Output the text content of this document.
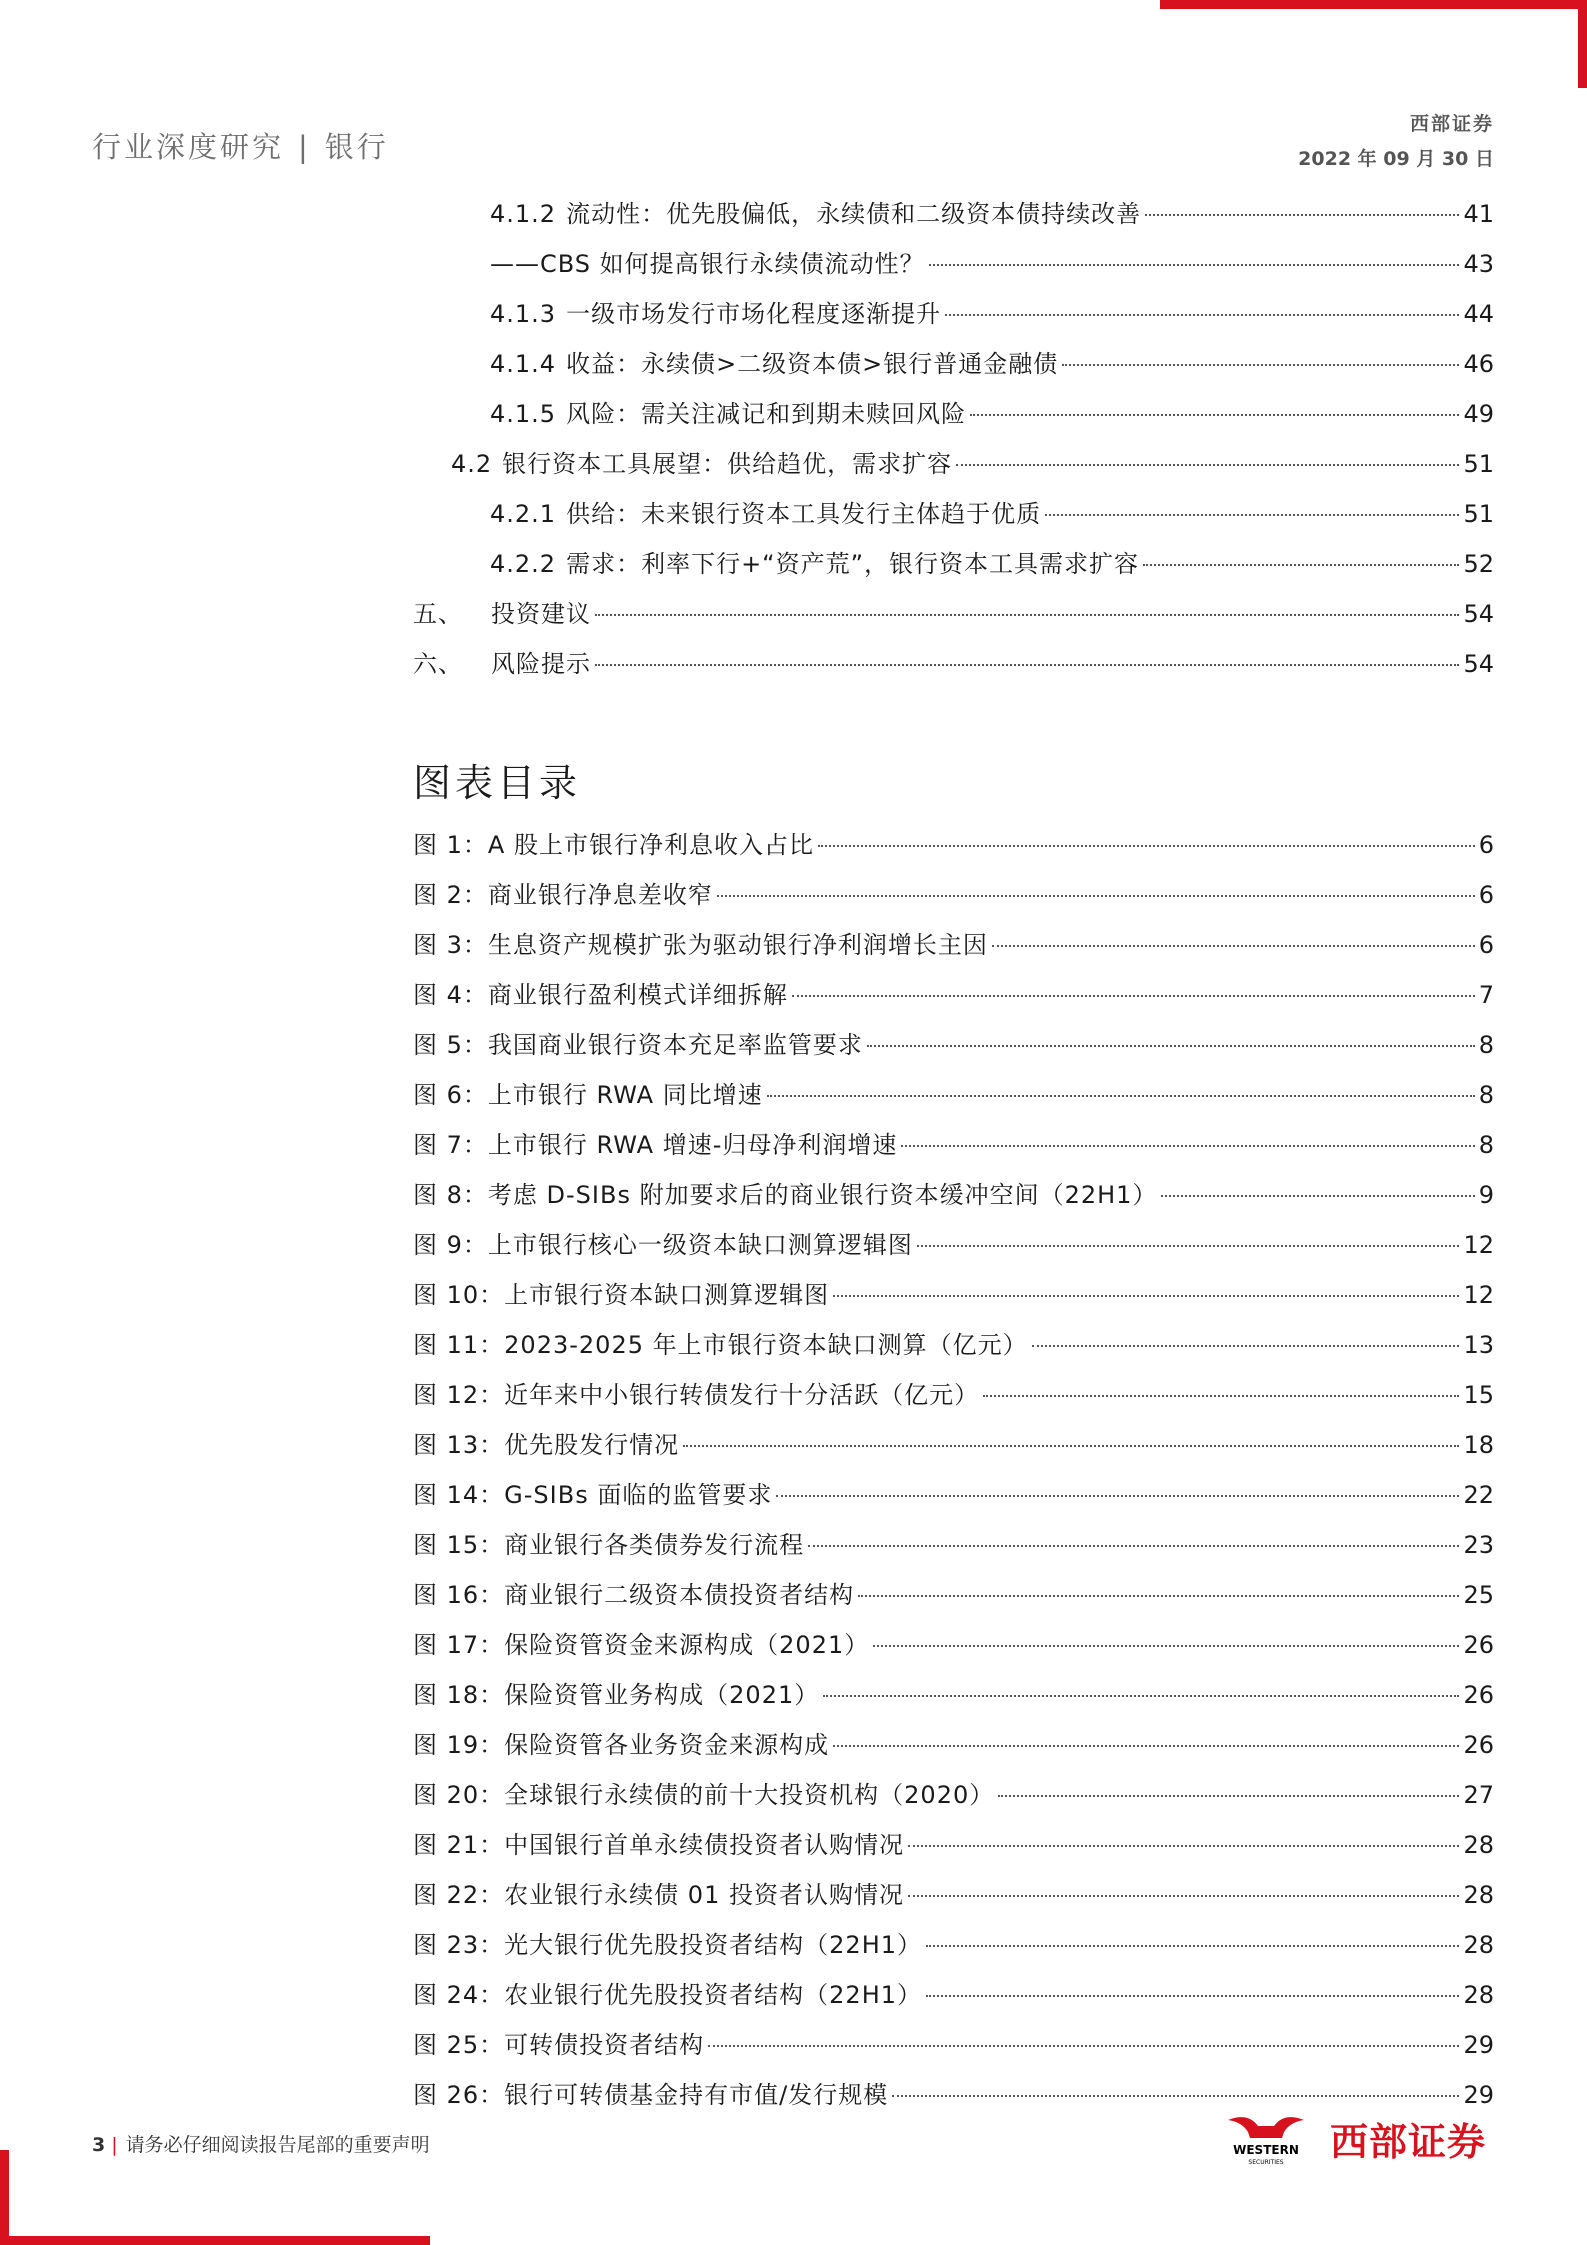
行业深度研究 | 银行
西部证券
2022 年 09 月 30 日
4.1.2 流动性：优先股偏低，永续债和二级资本债持续改善	41
——CBS 如何提高银行永续债流动性？	43
4.1.3 一级市场发行市场化程度逐渐提升	44
4.1.4 收益：永续债>二级资本债>银行普通金融债	46
4.1.5 风险：需关注减记和到期未赎回风险	49
4.2 银行资本工具展望：供给趋优，需求扩容	51
4.2.1 供给：未来银行资本工具发行主体趋于优质	51
4.2.2 需求：利率下行+“资产荒”，银行资本工具需求扩容	52
五、 投资建议	54
六、 风险提示	54
图表目录
图 1：A 股上市银行净利息收入占比	6
图 2：商业银行净息差收窄	6
图 3：生息资产规模扩张为驱动银行净利润增长主因	6
图 4：商业银行盈利模式详细拆解	7
图 5：我国商业银行资本充足率监管要求	8
图 6：上市银行 RWA 同比增速	8
图 7：上市银行 RWA 增速-归母净利润增速	8
图 8：考虑 D-SIBs 附加要求后的商业银行资本缓冲空间（22H1）	9
图 9：上市银行核心一级资本缺口测算逻辑图	12
图 10：上市银行资本缺口测算逻辑图	12
图 11：2023-2025 年上市银行资本缺口测算（亿元）	13
图 12：近年来中小银行转债发行十分活跃（亿元）	15
图 13：优先股发行情况	18
图 14：G-SIBs 面临的监管要求	22
图 15：商业银行各类债券发行流程	23
图 16：商业银行二级资本债投资者结构	25
图 17：保险资管资金来源构成（2021）	26
图 18：保险资管业务构成（2021）	26
图 19：保险资管各业务资金来源构成	26
图 20：全球银行永续债的前十大投资机构（2020）	27
图 21：中国银行首单永续债投资者认购情况	28
图 22：农业银行永续债 01 投资者认购情况	28
图 23：光大银行优先股投资者结构（22H1）	28
图 24：农业银行优先股投资者结构（22H1）	28
图 25：可转债投资者结构	29
图 26：银行可转债基金持有市值/发行规模	29
3 | 请务必仔细阅读报告尾部的重要声明	WESTERN
SECURITIES 西部证券
